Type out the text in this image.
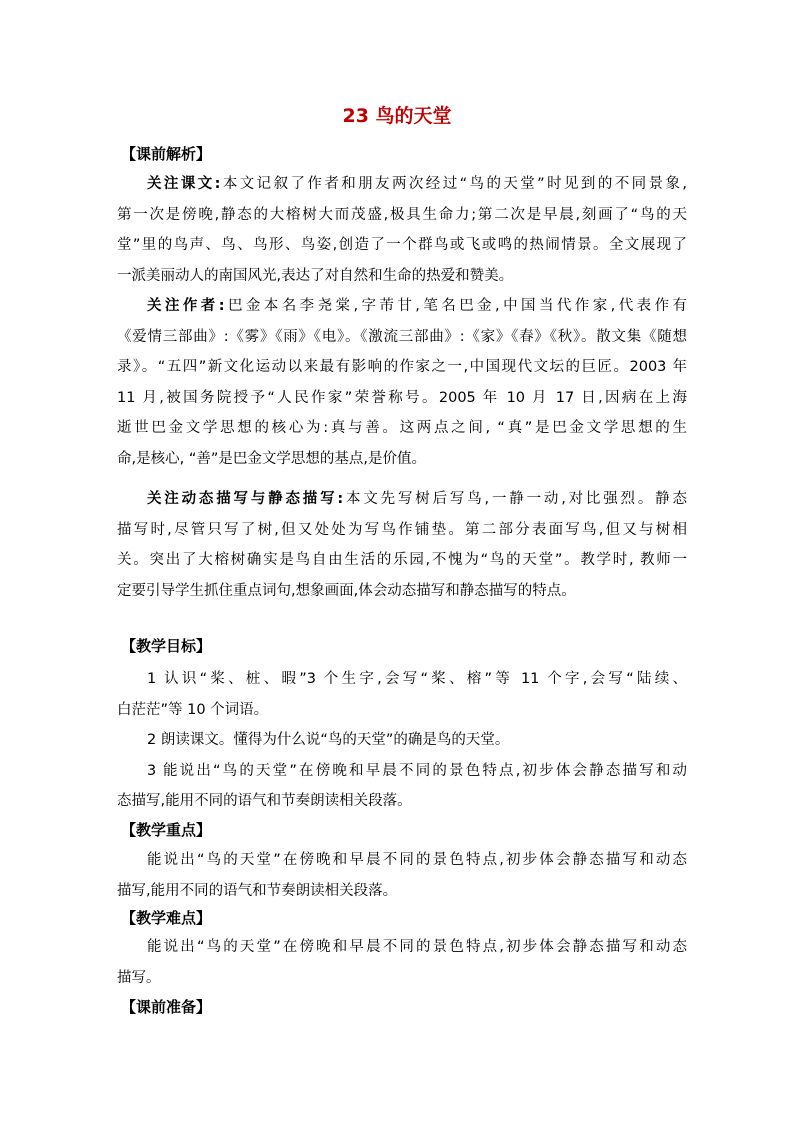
23 鸟的天堂
【课前解析】
关注课文:本文记叙了作者和朋友两次经过“鸟的天堂”时见到的不同景象,
第一次是傍晚,静态的大榕树大而茂盛,极具生命力;第二次是早晨,刻画了“鸟的天
堂”里的鸟声、鸟、鸟形、鸟姿,创造了一个群鸟或飞或鸣的热闹情景。全文展现了
一派美丽动人的南国风光,表达了对自然和生命的热爱和赞美。
关注作者:巴金本名李尧棠,字芾甘,笔名巴金,中国当代作家,代表作有
《爱情三部曲》:《雾》《雨》《电》。《激流三部曲》:《家》《春》《秋》。散文集《随想
录》。“五四”新文化运动以来最有影响的作家之一,中国现代文坛的巨匠。2003 年
11 月,被国务院授予“人民作家”荣誉称号。2005 年 10 月 17 日,因病在上海
逝世巴金文学思想的核心为:真与善。这两点之间, “真”是巴金文学思想的生
命,是核心, “善”是巴金文学思想的基点,是价值。
关注动态描写与静态描写:本文先写树后写鸟,一静一动,对比强烈。静态
描写时,尽管只写了树,但又处处为写鸟作铺垫。第二部分表面写鸟,但又与树相
关。突出了大榕树确实是鸟自由生活的乐园,不愧为“鸟的天堂”。教学时, 教师一
定要引导学生抓住重点词句,想象画面,体会动态描写和静态描写的特点。
【教学目标】
1 认识“桨、桩、暇”3 个生字,会写“桨、榕”等 11 个字,会写“陆续、
白茫茫”等 10 个词语。
2 朗读课文。懂得为什么说“鸟的天堂”的确是鸟的天堂。
3 能说出“鸟的天堂”在傍晚和早晨不同的景色特点,初步体会静态描写和动
态描写,能用不同的语气和节奏朗读相关段落。
【教学重点】
能说出“鸟的天堂”在傍晚和早晨不同的景色特点,初步体会静态描写和动态
描写,能用不同的语气和节奏朗读相关段落。
【教学难点】
能说出“鸟的天堂”在傍晚和早晨不同的景色特点,初步体会静态描写和动态
描写。
【课前准备】
